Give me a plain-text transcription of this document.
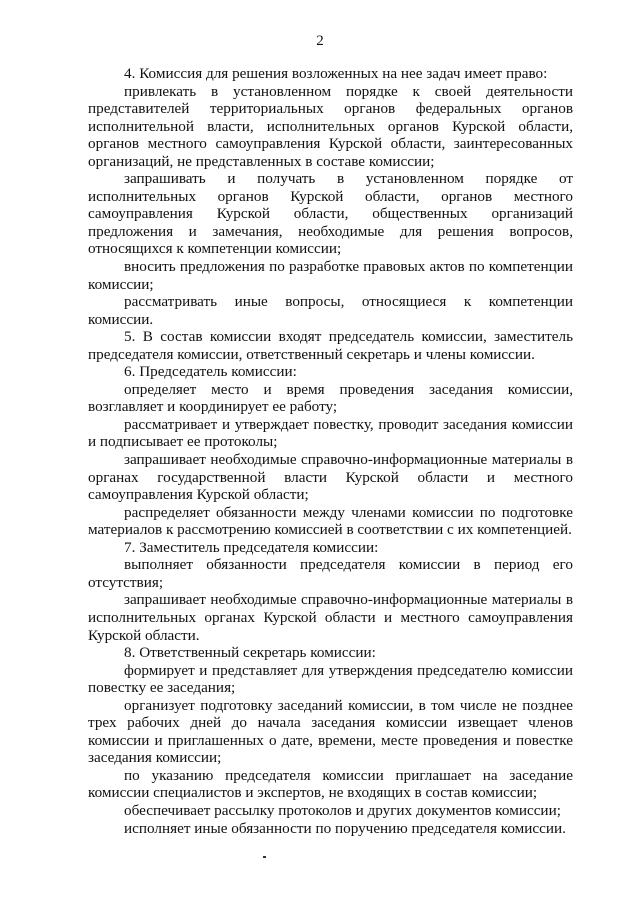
2

4. Комиссия для решения возложенных на нее задач имеет право:

привлекать в установленном порядке к своей деятельности представителей территориальных органов федеральных органов исполнительной власти, исполнительных органов Курской области, органов местного самоуправления Курской области, заинтересованных организаций, не представленных в составе комиссии;

запрашивать и получать в установленном порядке от исполнительных органов Курской области, органов местного самоуправления Курской области, общественных организаций предложения и замечания, необходимые для решения вопросов, относящихся к компетенции комиссии;

вносить предложения по разработке правовых актов по компетенции комиссии;

рассматривать иные вопросы, относящиеся к компетенции комиссии.

5. В состав комиссии входят председатель комиссии, заместитель председателя комиссии, ответственный секретарь и члены комиссии.

6. Председатель комиссии:

определяет место и время проведения заседания комиссии, возглавляет и координирует ее работу;

рассматривает и утверждает повестку, проводит заседания комиссии и подписывает ее протоколы;

запрашивает необходимые справочно-информационные материалы в органах государственной власти Курской области и местного самоуправления Курской области;

распределяет обязанности между членами комиссии по подготовке материалов к рассмотрению комиссией в соответствии с их компетенцией.

7. Заместитель председателя комиссии:

выполняет обязанности председателя комиссии в период его отсутствия;

запрашивает необходимые справочно-информационные материалы в исполнительных органах Курской области и местного самоуправления Курской области.

8. Ответственный секретарь комиссии:

формирует и представляет для утверждения председателю комиссии повестку ее заседания;

организует подготовку заседаний комиссии, в том числе не позднее трех рабочих дней до начала заседания комиссии извещает членов комиссии и приглашенных о дате, времени, месте проведения и повестке заседания комиссии;

по указанию председателя комиссии приглашает на заседание комиссии специалистов и экспертов, не входящих в состав комиссии;

обеспечивает рассылку протоколов и других документов комиссии;

исполняет иные обязанности по поручению председателя комиссии.
